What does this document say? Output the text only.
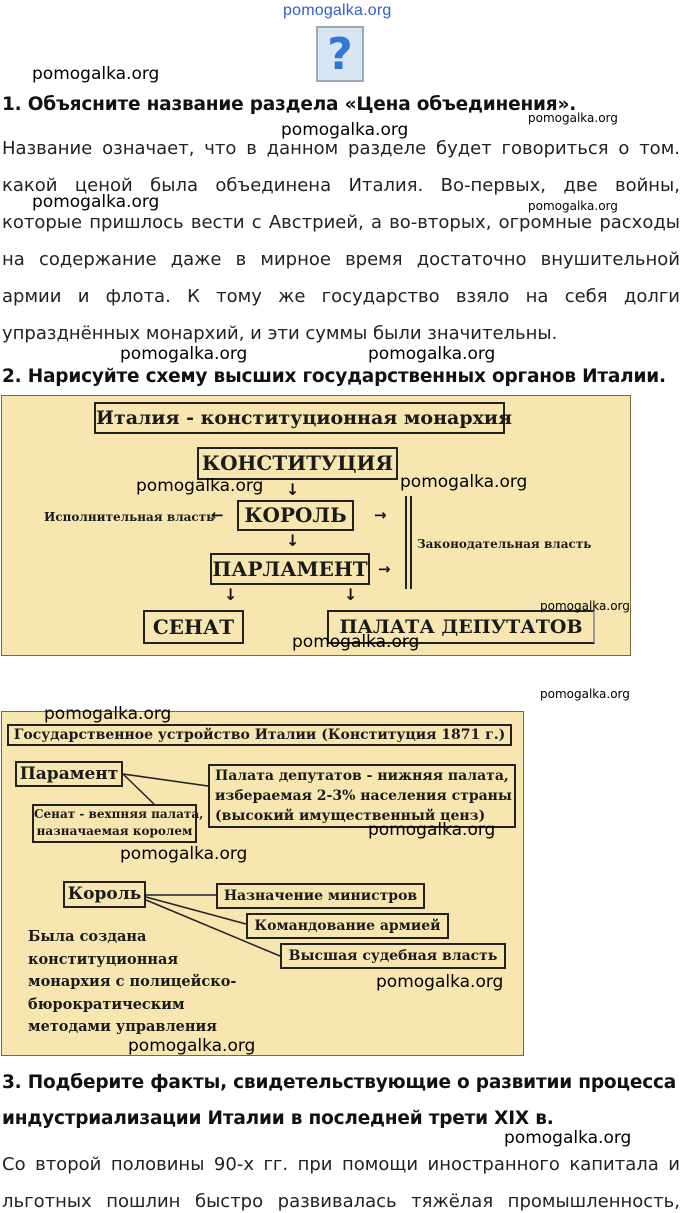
pomogalka.org
?
pomogalka.org
pomogalka.org
pomogalka.org
pomogalka.org	pomogalka.org
pomogalka.org	pomogalka.org
1. Объясните название раздела «Цена объединения».
Название означает, что в данном разделе будет говориться о том.
какой ценой была объединена Италия. Во-первых, две войны,
которые пришлось вести с Австрией, а во-вторых, огромные расходы
на содержание даже в мирное время достаточно внушительной
армии и флота. К тому же государство взяло на себя долги
упразднённых монархий, и эти суммы были значительны.
2. Нарисуйте схему высших государственных органов Италии.
Италия - конституционная монархия
КОНСТИТУЦИЯ
↓
КОРОЛЬ
Исполнительная власть
←	→
↓
ПАРЛАМЕНТ →
Законодательная власть
↓	↓
СЕНАТ	ПАЛАТА ДЕПУТАТОВ
pomogalka.org	pomogalka.org
pomogalka.org
pomogalka.org
pomogalka.org
Государственное устройство Италии (Конституция 1871 г.)
Парамент
Сенат - вехпняя палата,
назначаемая королем
Палата депутатов - нижняя палата,
избераемая 2-3% населения страны
(высокий имущественный ценз)
Король	Назначение министров
Командование армией
Высшая судебная власть
Была создана
конституционная
монархия с полицейско-
бюрократическим
методами управления
pomogalka.org
pomogalka.org
pomogalka.org
pomogalka.org
pomogalka.org
3. Подберите факты, свидетельствующие о развитии процесса
индустриализации Италии в последней трети XIX в.
pomogalka.org
Со второй половины 90-х гг. при помощи иностранного капитала и
льготных пошлин быстро развивалась тяжёлая промышленность,
